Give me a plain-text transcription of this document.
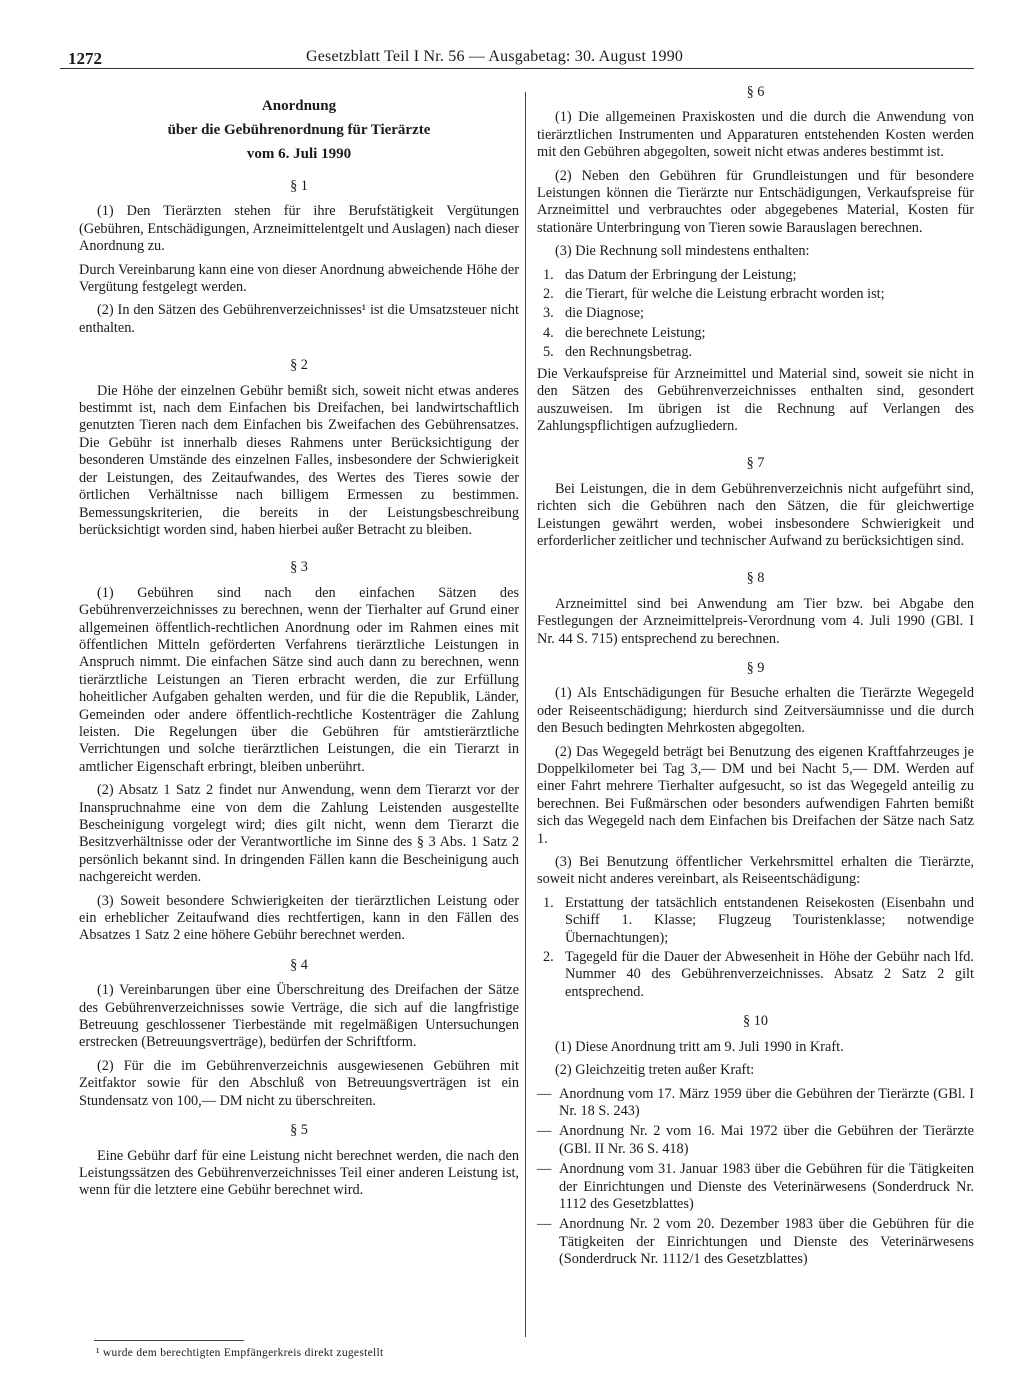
1272	Gesetzblatt Teil I Nr. 56 — Ausgabetag: 30. August 1990
Anordnung
über die Gebührenordnung für Tierärzte
vom 6. Juli 1990
§ 1

(1) Den Tierärzten stehen für ihre Berufstätigkeit Vergütungen (Gebühren, Entschädigungen, Arzneimittelentgelt und Auslagen) nach dieser Anordnung zu.

Durch Vereinbarung kann eine von dieser Anordnung abweichende Höhe der Vergütung festgelegt werden.

(2) In den Sätzen des Gebührenverzeichnisses¹ ist die Umsatzsteuer nicht enthalten.

§ 2

Die Höhe der einzelnen Gebühr bemißt sich, soweit nicht etwas anderes bestimmt ist, nach dem Einfachen bis Dreifachen, bei landwirtschaftlich genutzten Tieren nach dem Einfachen bis Zweifachen des Gebührensatzes. Die Gebühr ist innerhalb dieses Rahmens unter Berücksichtigung der besonderen Umstände des einzelnen Falles, insbesondere der Schwierigkeit der Leistungen, des Zeitaufwandes, des Wertes des Tieres sowie der örtlichen Verhältnisse nach billigem Ermessen zu bestimmen. Bemessungskriterien, die bereits in der Leistungsbeschreibung berücksichtigt worden sind, haben hierbei außer Betracht zu bleiben.

§ 3

(1) Gebühren sind nach den einfachen Sätzen des Gebührenverzeichnisses zu berechnen, wenn der Tierhalter auf Grund einer allgemeinen öffentlich-rechtlichen Anordnung oder im Rahmen eines mit öffentlichen Mitteln geförderten Verfahrens tierärztliche Leistungen in Anspruch nimmt. Die einfachen Sätze sind auch dann zu berechnen, wenn tierärztliche Leistungen an Tieren erbracht werden, die zur Erfüllung hoheitlicher Aufgaben gehalten werden, und für die die Republik, Länder, Gemeinden oder andere öffentlich-rechtliche Kostenträger die Zahlung leisten. Die Regelungen über die Gebühren für amtstierärztliche Verrichtungen und solche tierärztlichen Leistungen, die ein Tierarzt in amtlicher Eigenschaft erbringt, bleiben unberührt.

(2) Absatz 1 Satz 2 findet nur Anwendung, wenn dem Tierarzt vor der Inanspruchnahme eine von dem die Zahlung Leistenden ausgestellte Bescheinigung vorgelegt wird; dies gilt nicht, wenn dem Tierarzt die Besitzverhältnisse oder der Verantwortliche im Sinne des § 3 Abs. 1 Satz 2 persönlich bekannt sind. In dringenden Fällen kann die Bescheinigung auch nachgereicht werden.

(3) Soweit besondere Schwierigkeiten der tierärztlichen Leistung oder ein erheblicher Zeitaufwand dies rechtfertigen, kann in den Fällen des Absatzes 1 Satz 2 eine höhere Gebühr berechnet werden.

§ 4

(1) Vereinbarungen über eine Überschreitung des Dreifachen der Sätze des Gebührenverzeichnisses sowie Verträge, die sich auf die langfristige Betreuung geschlossener Tierbestände mit regelmäßigen Untersuchungen erstrecken (Betreuungsverträge), bedürfen der Schriftform.

(2) Für die im Gebührenverzeichnis ausgewiesenen Gebühren mit Zeitfaktor sowie für den Abschluß von Betreuungsverträgen ist ein Stundensatz von 100,— DM nicht zu überschreiten.

§ 5

Eine Gebühr darf für eine Leistung nicht berechnet werden, die nach den Leistungssätzen des Gebührenverzeichnisses Teil einer anderen Leistung ist, wenn für die letztere eine Gebühr berechnet wird.

¹ wurde dem berechtigten Empfängerkreis direkt zugestellt
§ 6

(1) Die allgemeinen Praxiskosten und die durch die Anwendung von tierärztlichen Instrumenten und Apparaturen entstehenden Kosten werden mit den Gebühren abgegolten, soweit nicht etwas anderes bestimmt ist.

(2) Neben den Gebühren für Grundleistungen und für besondere Leistungen können die Tierärzte nur Entschädigungen, Verkaufspreise für Arzneimittel und verbrauchtes oder abgegebenes Material, Kosten für stationäre Unterbringung von Tieren sowie Barauslagen berechnen.

(3) Die Rechnung soll mindestens enthalten:

1. das Datum der Erbringung der Leistung;
2. die Tierart, für welche die Leistung erbracht worden ist;
3. die Diagnose;
4. die berechnete Leistung;
5. den Rechnungsbetrag.

Die Verkaufspreise für Arzneimittel und Material sind, soweit sie nicht in den Sätzen des Gebührenverzeichnisses enthalten sind, gesondert auszuweisen. Im übrigen ist die Rechnung auf Verlangen des Zahlungspflichtigen aufzugliedern.

§ 7

Bei Leistungen, die in dem Gebührenverzeichnis nicht aufgeführt sind, richten sich die Gebühren nach den Sätzen, die für gleichwertige Leistungen gewährt werden, wobei insbesondere Schwierigkeit und erforderlicher zeitlicher und technischer Aufwand zu berücksichtigen sind.

§ 8

Arzneimittel sind bei Anwendung am Tier bzw. bei Abgabe den Festlegungen der Arzneimittelpreis-Verordnung vom 4. Juli 1990 (GBl. I Nr. 44 S. 715) entsprechend zu berechnen.

§ 9

(1) Als Entschädigungen für Besuche erhalten die Tierärzte Wegegeld oder Reiseentschädigung; hierdurch sind Zeitversäumnisse und die durch den Besuch bedingten Mehrkosten abgegolten.

(2) Das Wegegeld beträgt bei Benutzung des eigenen Kraftfahrzeuges je Doppelkilometer bei Tag 3,— DM und bei Nacht 5,— DM. Werden auf einer Fahrt mehrere Tierhalter aufgesucht, so ist das Wegegeld anteilig zu berechnen. Bei Fußmärschen oder besonders aufwendigen Fahrten bemißt sich das Wegegeld nach dem Einfachen bis Dreifachen der Sätze nach Satz 1.

(3) Bei Benutzung öffentlicher Verkehrsmittel erhalten die Tierärzte, soweit nicht anderes vereinbart, als Reiseentschädigung:

1. Erstattung der tatsächlich entstandenen Reisekosten (Eisenbahn und Schiff 1. Klasse; Flugzeug Touristenklasse; notwendige Übernachtungen);
2. Tagegeld für die Dauer der Abwesenheit in Höhe der Gebühr nach lfd. Nummer 40 des Gebührenverzeichnisses. Absatz 2 Satz 2 gilt entsprechend.
§ 10

(1) Diese Anordnung tritt am 9. Juli 1990 in Kraft.

(2) Gleichzeitig treten außer Kraft:

— Anordnung vom 17. März 1959 über die Gebühren der Tierärzte (GBl. I Nr. 18 S. 243)
— Anordnung Nr. 2 vom 16. Mai 1972 über die Gebühren der Tierärzte (GBl. II Nr. 36 S. 418)
— Anordnung vom 31. Januar 1983 über die Gebühren für die Tätigkeiten der Einrichtungen und Dienste des Veterinärwesens (Sonderdruck Nr. 1112 des Gesetzblattes)
— Anordnung Nr. 2 vom 20. Dezember 1983 über die Gebühren für die Tätigkeiten der Einrichtungen und Dienste des Veterinärwesens (Sonderdruck Nr. 1112/1 des Gesetzblattes)
